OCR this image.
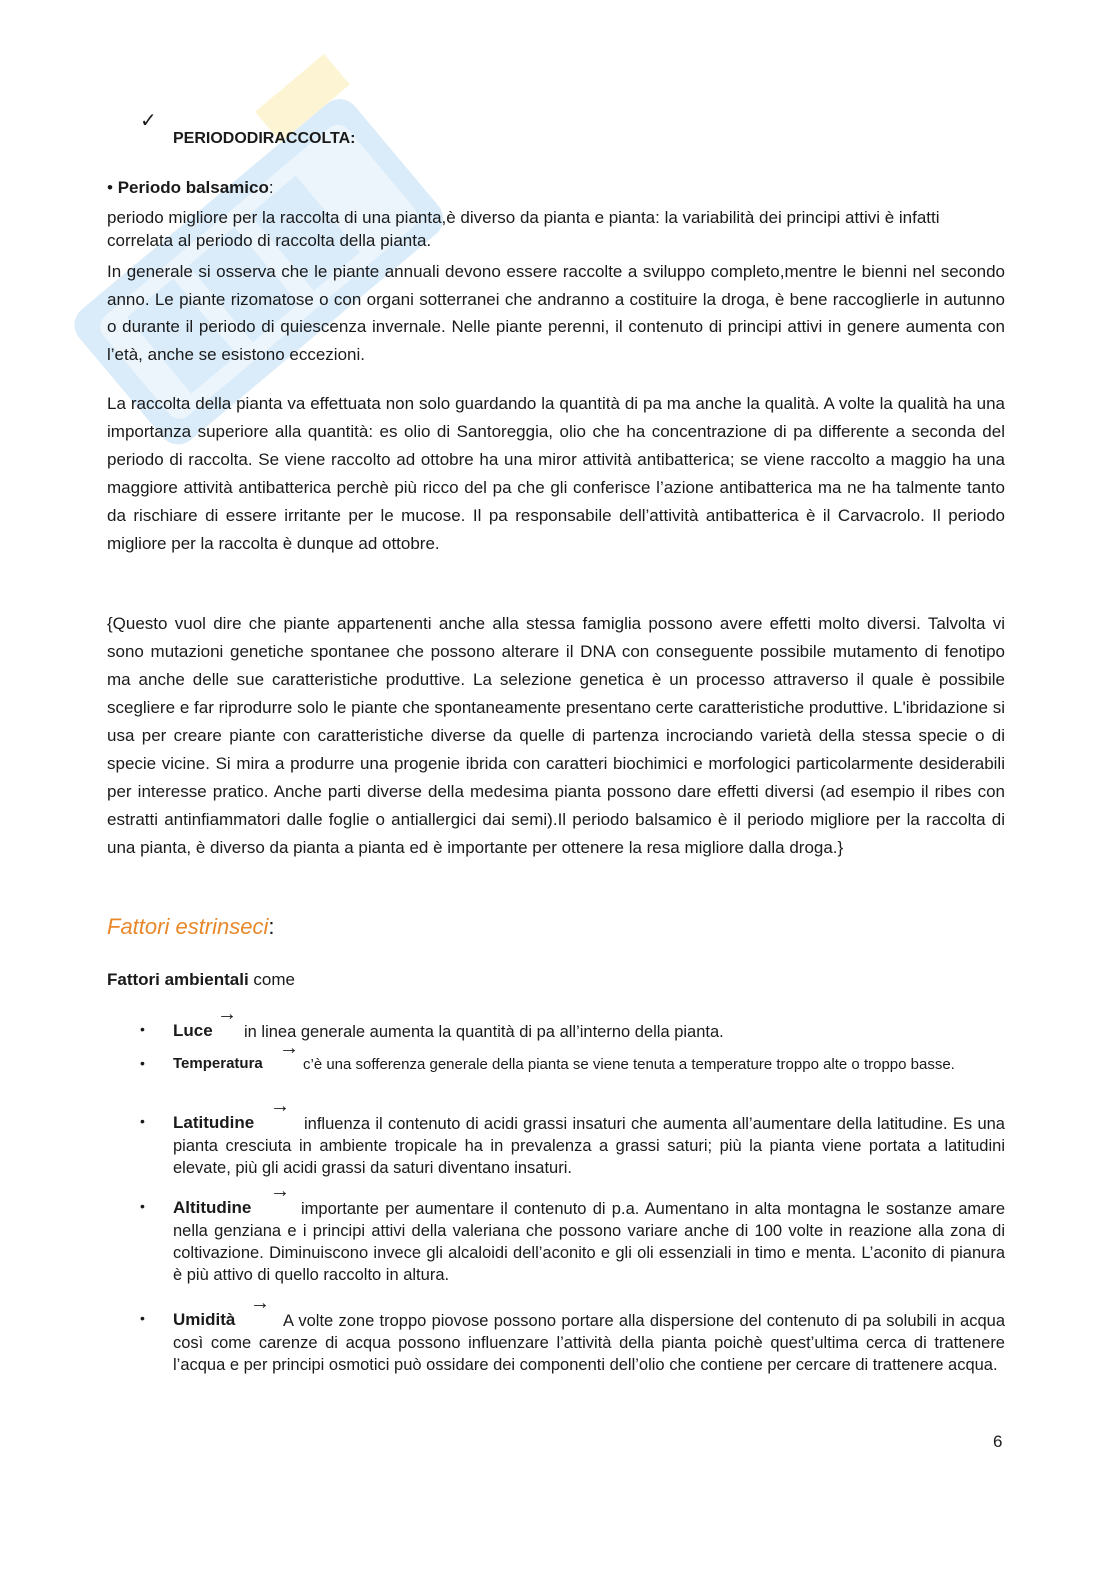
✓
PERIODODIRACCOLTA:
• Periodo balsamico:
periodo migliore per la raccolta di una pianta,è diverso da pianta e pianta: la variabilità dei principi attivi è infatti correlata al periodo di raccolta della pianta.

In generale si osserva che le piante annuali devono essere raccolte a sviluppo completo,mentre le bienni nel secondo anno. Le piante rizomatose o con organi sotterranei che andranno a costituire la droga, è bene raccoglierle in autunno o durante il periodo di quiescenza invernale. Nelle piante perenni, il contenuto di principi attivi in genere aumenta con l’età, anche se esistono eccezioni.

La raccolta della pianta va effettuata non solo guardando la quantità di pa ma anche la qualità. A volte la qualità ha una importanza superiore alla quantità: es olio di Santoreggia, olio che ha concentrazione di pa differente a seconda del periodo di raccolta. Se viene raccolto ad ottobre ha una miror attività antibatterica; se viene raccolto a maggio ha una maggiore attività antibatterica perchè più ricco del pa che gli conferisce l’azione antibatterica ma ne ha talmente tanto da rischiare di essere irritante per le mucose. Il pa responsabile dell’attività antibatterica è il Carvacrolo. Il periodo migliore per la raccolta è dunque ad ottobre.

{Questo vuol dire che piante appartenenti anche alla stessa famiglia possono avere effetti molto diversi. Talvolta vi sono mutazioni genetiche spontanee che possono alterare il DNA con conseguente possibile mutamento di fenotipo ma anche delle sue caratteristiche produttive. La selezione genetica è un processo attraverso il quale è possibile scegliere e far riprodurre solo le piante che spontaneamente presentano certe caratteristiche produttive. L'ibridazione si usa per creare piante con caratteristiche diverse da quelle di partenza incrociando varietà della stessa specie o di specie vicine. Si mira a produrre una progenie ibrida con caratteri biochimici e morfologici particolarmente desiderabili per interesse pratico. Anche parti diverse della medesima pianta possono dare effetti diversi (ad esempio il ribes con estratti antinfiammatori dalle foglie o antiallergici dai semi).Il periodo balsamico è il periodo migliore per la raccolta di una pianta, è diverso da pianta a pianta ed è importante per ottenere la resa migliore dalla droga.}

Fattori estrinseci:
Fattori ambientali come
• Luce
→
in linea generale aumenta la quantità di pa all’interno della pianta.
• Temperatura
→
c’è una sofferenza generale della pianta se viene tenuta a temperature troppo alte o troppo basse.
• Latitudine
→
influenza il contenuto di acidi grassi insaturi che aumenta all’aumentare della latitudine. Es una pianta cresciuta in ambiente tropicale ha in prevalenza a grassi saturi; più la pianta viene portata a latitudini elevate, più gli acidi grassi da saturi diventano insaturi.
• Altitudine
→
importante per aumentare il contenuto di p.a. Aumentano in alta montagna le sostanze amare nella genziana e i principi attivi della valeriana che possono variare anche di 100 volte in reazione alla zona di coltivazione. Diminuiscono invece gli alcaloidi dell’aconito e gli oli essenziali in timo e menta. L’aconito di pianura è più attivo di quello raccolto in altura.
• Umidità
→
A volte zone troppo piovose possono portare alla dispersione del contenuto di pa solubili in acqua così come carenze di acqua possono influenzare l’attività della pianta poichè quest’ultima cerca di trattenere l’acqua e per principi osmotici può ossidare dei componenti dell’olio che contiene per cercare di trattenere acqua.
6
